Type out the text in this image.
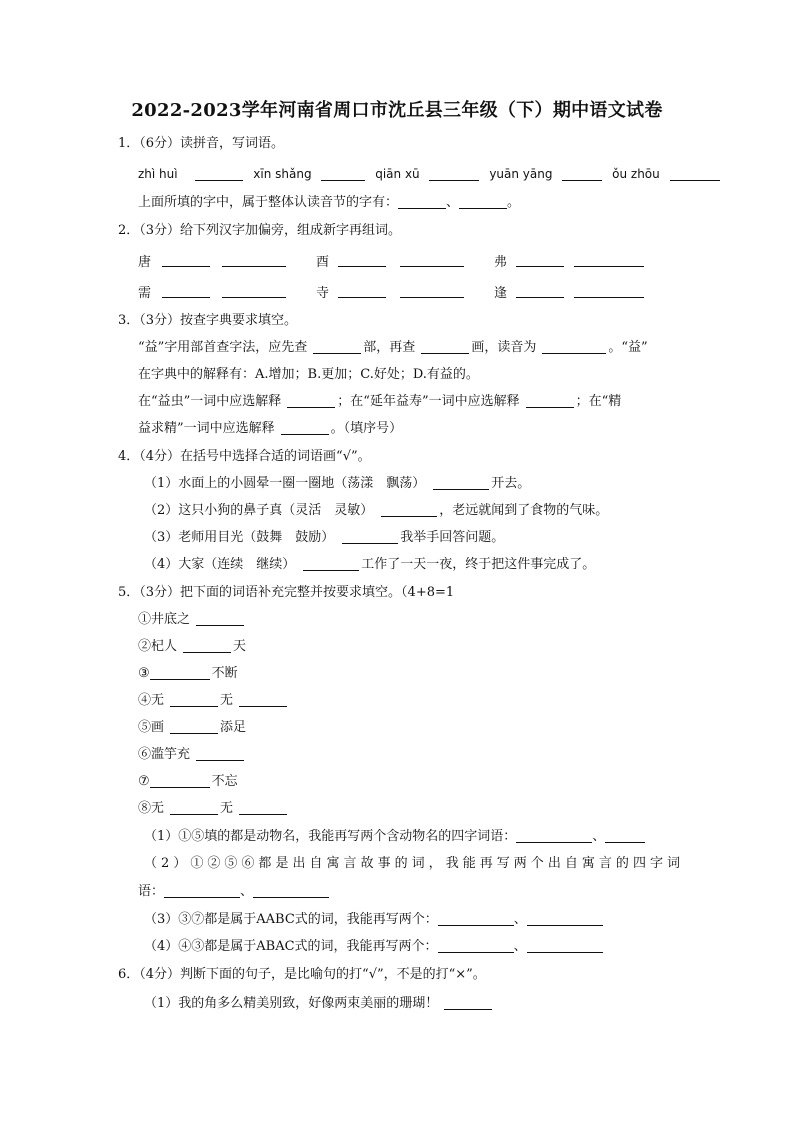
2022-2023学年河南省周口市沈丘县三年级（下）期中语文试卷
1．（6分）读拼音，写词语。
zhì huì	xīn shǎng	qiān xū	yuān yāng	ǒu zhōu
上面所填的字中，属于整体认读音节的字有：	、	。
2．（3分）给下列汉字加偏旁，组成新字再组词。
唐	酉	弗
需	寺	逢
3．（3分）按查字典要求填空。
“益”字用部首查字法，应先查	部，再查	画，读音为	。“益”
在字典中的解释有：A.增加；B.更加；C.好处；D.有益的。
在“益虫”一词中应选解释	；在“延年益寿”一词中应选解释	；在“精
益求精”一词中应选解释	。（填序号）
4．（4分）在括号中选择合适的词语画“√”。
（1）水面上的小圆晕一圈一圈地（荡漾　飘荡）	开去。
（2）这只小狗的鼻子真（灵活　灵敏）	，老远就闻到了食物的气味。
（3）老师用目光（鼓舞　鼓励）	我举手回答问题。
（4）大家（连续　继续）	工作了一天一夜，终于把这件事完成了。
5．（3分）把下面的词语补充完整并按要求填空。（4+8=1
①井底之
②杞人	天
③	不断
④无	无
⑤画	添足
⑥滥竽充
⑦	不忘
⑧无	无
（1）①⑤填的都是动物名，我能再写两个含动物名的四字词语：	、
（2）①②⑤⑥都是出自寓言故事的词，我能再写两个出自寓言的四字词
语：	、
（3）③⑦都是属于AABC式的词，我能再写两个：	、
（4）④③都是属于ABAC式的词，我能再写两个：	、
6．（4分）判断下面的句子，是比喻句的打“√”，不是的打“×”。
（1）我的角多么精美别致，好像两束美丽的珊瑚！
